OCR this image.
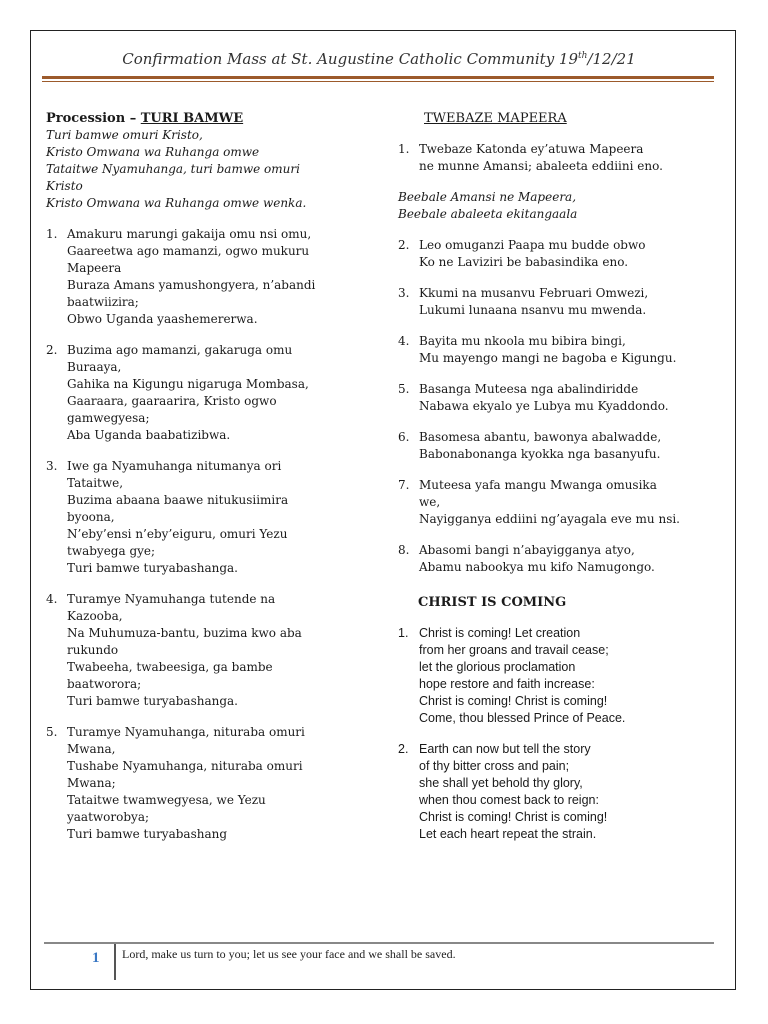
Confirmation Mass at St. Augustine Catholic Community 19th/12/21

Procession – TURI BAMWE

Turi bamwe omuri Kristo,

Kristo Omwana wa Ruhanga omwe

Tataitwe Nyamuhanga, turi bamwe omuri

Kristo

Kristo Omwana wa Ruhanga omwe wenka.

1. Amakuru marungi gakaija omu nsi omu,
Gaareetwa ago mamanzi, ogwo mukuru
Mapeera
Buraza Amans yamushongyera, n’abandi
baatwiizira;
Obwo Uganda yaashemererwa.
2. Buzima ago mamanzi, gakaruga omu
Buraaya,
Gahika na Kigungu nigaruga Mombasa,
Gaaraara, gaaraarira, Kristo ogwo
gamwegyesa;
Aba Uganda baabatizibwa.
3. Iwe ga Nyamuhanga nitumanya ori
Tataitwe,
Buzima abaana baawe nitukusiimira
byoona,
N’eby’ensi n’eby’eiguru, omuri Yezu
twabyega gye;
Turi bamwe turyabashanga.
4. Turamye Nyamuhanga tutende na
Kazooba,
Na Muhumuza-bantu, buzima kwo aba
rukundo
Twabeeha, twabeesiga, ga bambe
baatworora;
Turi bamwe turyabashanga.
5. Turamye Nyamuhanga, nituraba omuri
Mwana,
Tushabe Nyamuhanga, nituraba omuri
Mwana;
Tataitwe twamwegyesa, we Yezu
yaatworobya;
Turi bamwe turyabashang

TWEBAZE MAPEERA

1. Twebaze Katonda ey’atuwa Mapeera
ne munne Amansi; abaleeta eddiini eno.

Beebale Amansi ne Mapeera,

Beebale abaleeta ekitangaala

2. Leo omuganzi Paapa mu budde obwo
Ko ne Laviziri be babasindika eno.
3. Kkumi na musanvu Februari Omwezi,
Lukumi lunaana nsanvu mu mwenda.
4. Bayita mu nkoola mu bibira bingi,
Mu mayengo mangi ne bagoba e Kigungu.
5. Basanga Muteesa nga abalindiridde
Nabawa ekyalo ye Lubya mu Kyaddondo.
6. Basomesa abantu, bawonya abalwadde,
Babonabonanga kyokka nga basanyufu.
7. Muteesa yafa mangu Mwanga omusika
we,
Nayigganya eddiini ng’ayagala eve mu nsi.
8. Abasomi bangi n’abayigganya atyo,
Abamu nabookya mu kifo Namugongo.

CHRIST IS COMING

1. Christ is coming! Let creation
from her groans and travail cease;
let the glorious proclamation
hope restore and faith increase:
Christ is coming! Christ is coming!
Come, thou blessed Prince of Peace.
2. Earth can now but tell the story
of thy bitter cross and pain;
she shall yet behold thy glory,
when thou comest back to reign:
Christ is coming! Christ is coming!
Let each heart repeat the strain.
1 Lord, make us turn to you; let us see your face and we shall be saved.
